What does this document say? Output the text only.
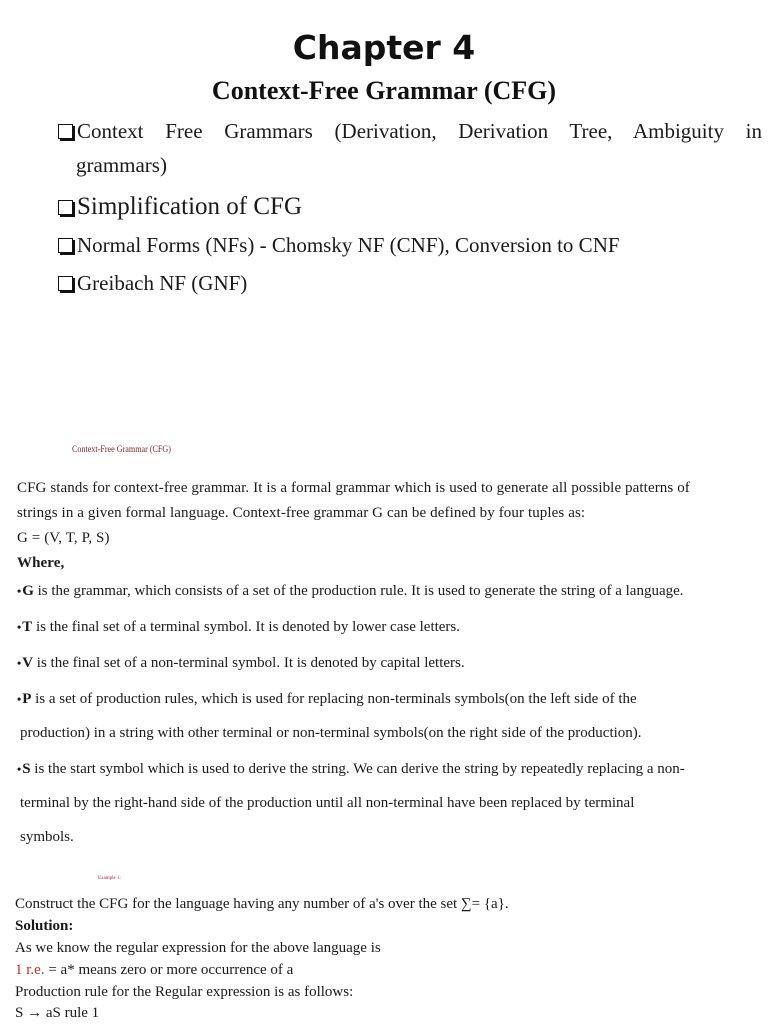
Chapter 4
Context-Free Grammar (CFG)
Context Free Grammars (Derivation, Derivation Tree, Ambiguity in
grammars)
Simplification of CFG
Normal Forms (NFs) - Chomsky NF (CNF), Conversion to CNF
Greibach NF (GNF)
Context-Free Grammar (CFG)
CFG stands for context-free grammar. It is a formal grammar which is used to generate all possible patterns of
strings in a given formal language. Context-free grammar G can be defined by four tuples as:
G = (V, T, P, S)
Where,
•G is the grammar, which consists of a set of the production rule. It is used to generate the string of a language.
•T is the final set of a terminal symbol. It is denoted by lower case letters.
•V is the final set of a non-terminal symbol. It is denoted by capital letters.
•P is a set of production rules, which is used for replacing non-terminals symbols(on the left side of the
production) in a string with other terminal or non-terminal symbols(on the right side of the production).
•S is the start symbol which is used to derive the string. We can derive the string by repeatedly replacing a non-
terminal by the right-hand side of the production until all non-terminal have been replaced by terminal
symbols.
Example 1:
Construct the CFG for the language having any number of a's over the set ∑= {a}.
Solution:
As we know the regular expression for the above language is
1 r.e. = a* means zero or more occurrence of a
Production rule for the Regular expression is as follows:
S → aS rule 1
